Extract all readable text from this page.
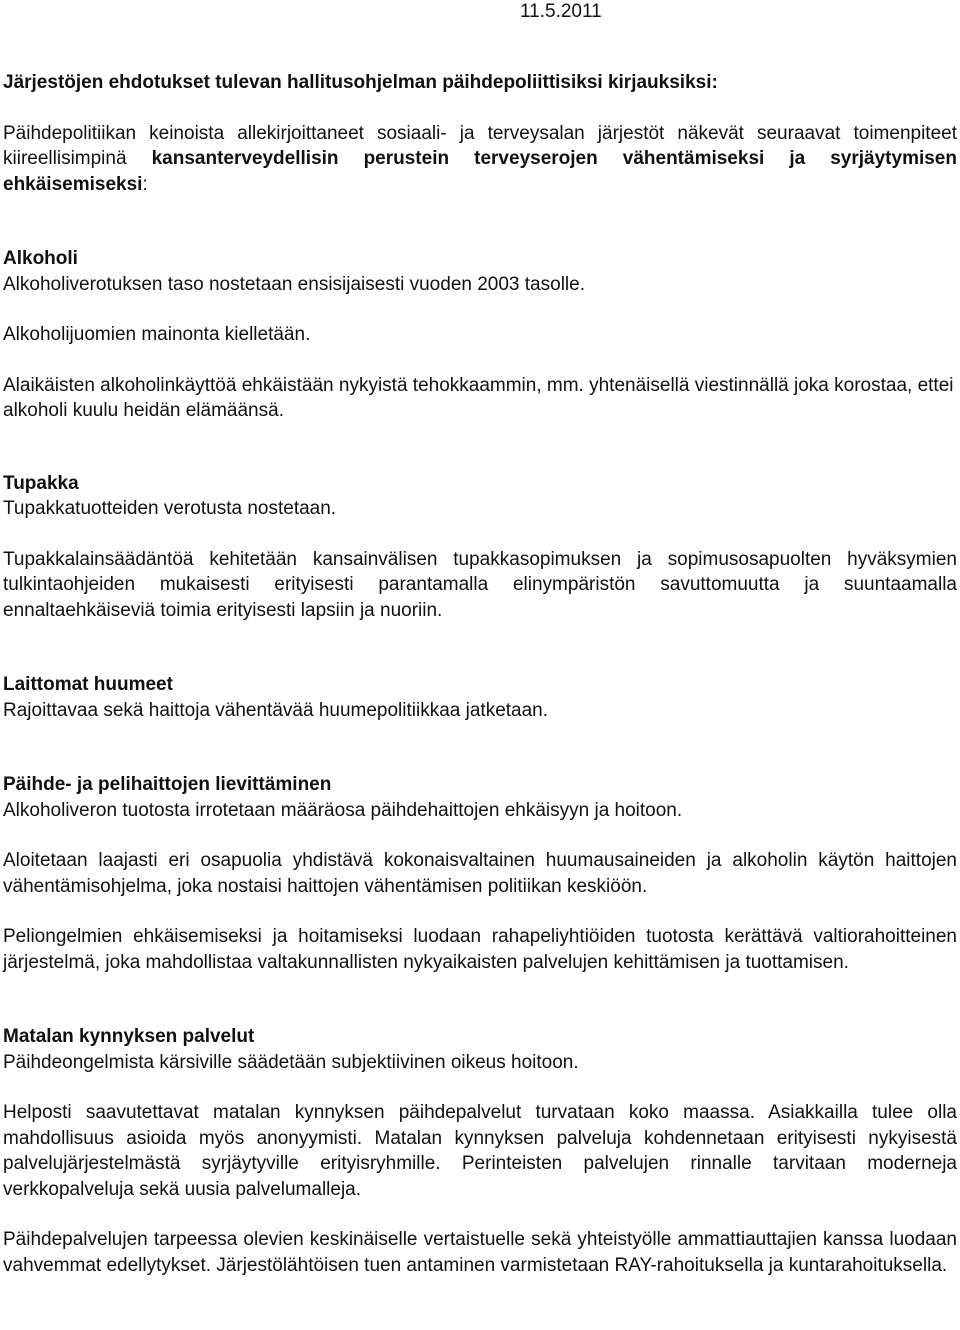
11.5.2011

Järjestöjen ehdotukset tulevan hallitusohjelman päihdepoliittisiksi kirjauksiksi:

Päihdepolitiikan keinoista allekirjoittaneet sosiaali- ja terveysalan järjestöt näkevät seuraavat toimenpiteet kiireellisimpinä kansanterveydellisin perustein terveyserojen vähentämiseksi ja syrjäytymisen ehkäisemiseksi:

Alkoholi

Alkoholiverotuksen taso nostetaan ensisijaisesti vuoden 2003 tasolle.

Alkoholijuomien mainonta kielletään.

Alaikäisten alkoholinkäyttöä ehkäistään nykyistä tehokkaammin, mm. yhtenäisellä viestinnällä joka korostaa, ettei alkoholi kuulu heidän elämäänsä.

Tupakka

Tupakkatuotteiden verotusta nostetaan.

Tupakkalainsäädäntöä kehitetään kansainvälisen tupakkasopimuksen ja sopimusosapuolten hyväksymien tulkintaohjeiden mukaisesti erityisesti parantamalla elinympäristön savuttomuutta ja suuntaamalla ennaltaehkäiseviä toimia erityisesti lapsiin ja nuoriin.

Laittomat huumeet

Rajoittavaa sekä haittoja vähentävää huumepolitiikkaa jatketaan.

Päihde- ja pelihaittojen lievittäminen

Alkoholiveron tuotosta irrotetaan määräosa päihdehaittojen ehkäisyyn ja hoitoon.

Aloitetaan laajasti eri osapuolia yhdistävä kokonaisvaltainen huumausaineiden ja alkoholin käytön haittojen vähentämisohjelma, joka nostaisi haittojen vähentämisen politiikan keskiöön.

Peliongelmien ehkäisemiseksi ja hoitamiseksi luodaan rahapeliyhtiöiden tuotosta kerättävä valtiorahoitteinen järjestelmä, joka mahdollistaa valtakunnallisten nykyaikaisten palvelujen kehittämisen ja tuottamisen.

Matalan kynnyksen palvelut

Päihdeongelmista kärsiville säädetään subjektiivinen oikeus hoitoon.

Helposti saavutettavat matalan kynnyksen päihdepalvelut turvataan koko maassa. Asiakkailla tulee olla mahdollisuus asioida myös anonyymisti. Matalan kynnyksen palveluja kohdennetaan erityisesti nykyisestä palvelujärjestelmästä syrjäytyville erityisryhmille. Perinteisten palvelujen rinnalle tarvitaan moderneja verkkopalveluja sekä uusia palvelumalleja.

Päihdepalvelujen tarpeessa olevien keskinäiselle vertaistuelle sekä yhteistyölle ammattiauttajien kanssa luodaan vahvemmat edellytykset. Järjestölähtöisen tuen antaminen varmistetaan RAY-rahoituksella ja kuntarahoituksella.
